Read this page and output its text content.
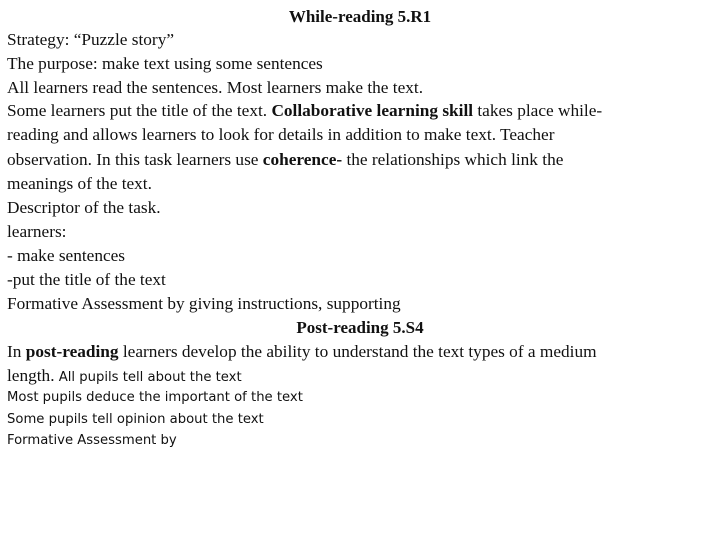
While-reading 5.R1
Strategy: “Puzzle story”
The purpose: make text using some sentences
All learners read the sentences. Most learners make the text.
Some learners put the title of the text. Collaborative learning skill takes place while-
reading and allows learners to look for details in addition to make text. Teacher
observation. In this task learners use coherence- the relationships which link the
meanings of the text.
Descriptor of the task.
learners:
- make sentences
-put the title of the text
Formative Assessment by giving instructions, supporting
Post-reading 5.S4
In post-reading learners develop the ability to understand the text types of a medium
length. All pupils tell about the text
Most pupils deduce the important of the text
Some pupils tell opinion about the text
Formative Assessment by
